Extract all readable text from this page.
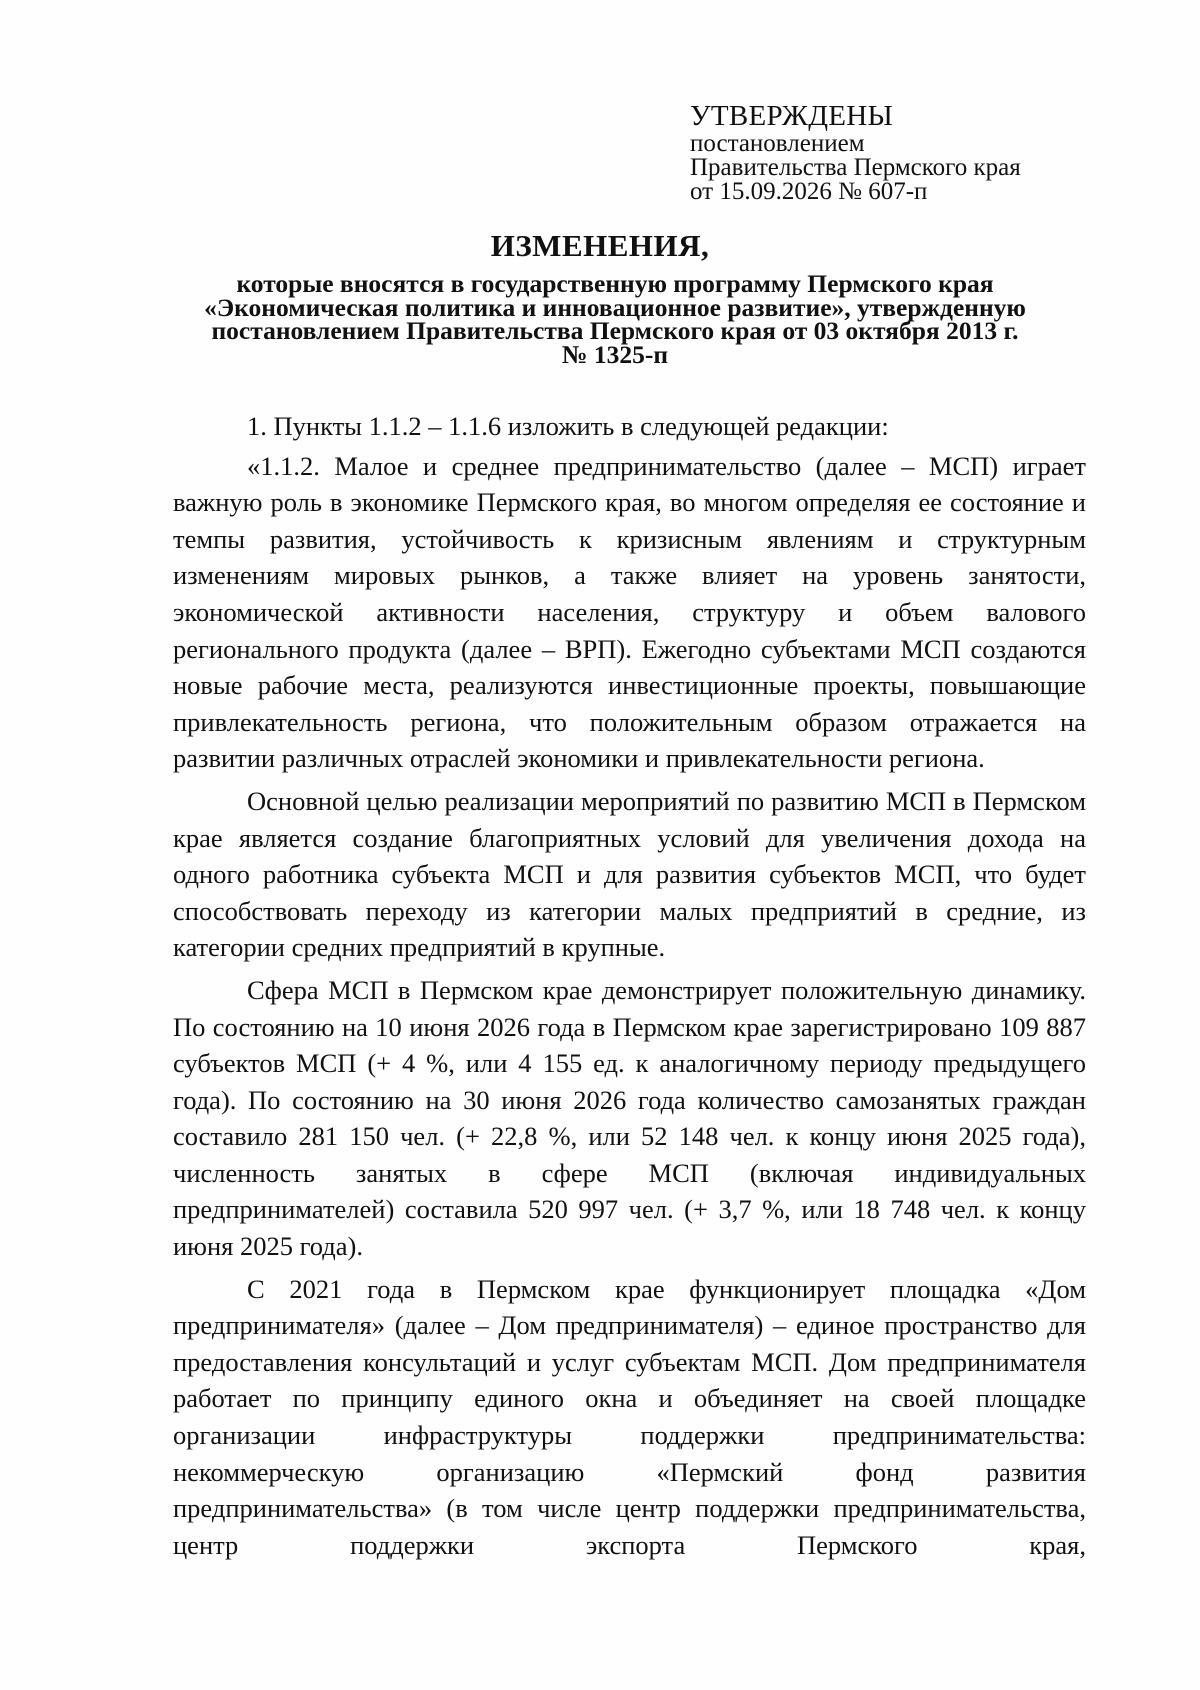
УТВЕРЖДЕНЫ
постановлением
Правительства Пермского края
от 15.09.2026 № 607-п
ИЗМЕНЕНИЯ,
которые вносятся в государственную программу Пермского края
«Экономическая политика и инновационное развитие», утвержденную
постановлением Правительства Пермского края от 03 октября 2013 г.
№ 1325-п

1. Пункты 1.1.2 – 1.1.6 изложить в следующей редакции:

«1.1.2. Малое и среднее предпринимательство (далее – МСП) играет важную роль в экономике Пермского края, во многом определяя ее состояние и темпы развития, устойчивость к кризисным явлениям и структурным изменениям мировых рынков, а также влияет на уровень занятости, экономической активности населения, структуру и объем валового регионального продукта (далее – ВРП). Ежегодно субъектами МСП создаются новые рабочие места, реализуются инвестиционные проекты, повышающие привлекательность региона, что положительным образом отражается на развитии различных отраслей экономики и привлекательности региона.

Основной целью реализации мероприятий по развитию МСП в Пермском крае является создание благоприятных условий для увеличения дохода на одного работника субъекта МСП и для развития субъектов МСП, что будет способствовать переходу из категории малых предприятий в средние, из категории средних предприятий в крупные.

Сфера МСП в Пермском крае демонстрирует положительную динамику. По состоянию на 10 июня 2026 года в Пермском крае зарегистрировано 109 887 субъектов МСП (+ 4 %, или 4 155 ед. к аналогичному периоду предыдущего года). По состоянию на 30 июня 2026 года количество самозанятых граждан составило 281 150 чел. (+ 22,8 %, или 52 148 чел. к концу июня 2025 года), численность занятых в сфере МСП (включая индивидуальных предпринимателей) составила 520 997 чел. (+ 3,7 %, или 18 748 чел. к концу июня 2025 года).

С 2021 года в Пермском крае функционирует площадка «Дом предпринимателя» (далее – Дом предпринимателя) – единое пространство для предоставления консультаций и услуг субъектам МСП. Дом предпринимателя работает по принципу единого окна и объединяет на своей площадке организации инфраструктуры поддержки предпринимательства: некоммерческую организацию «Пермский фонд развития предпринимательства» (в том числе центр поддержки предпринимательства, центр поддержки экспорта Пермского края,
